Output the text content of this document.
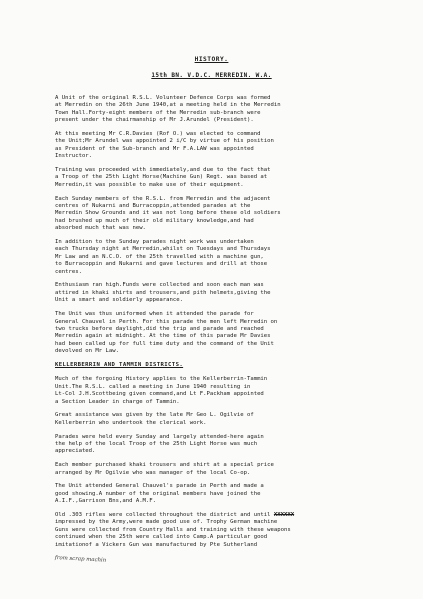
HISTORY.
15th BN. V.D.C. MERREDIN. W.A.

A Unit of the original R.S.L. Volunteer Defence Corps was formed
at Merredin on the 26th June 1940,at a meeting held in the Merredin
Town Hall.Forty-eight members of the Merredin sub-branch were
present under the chairmanship of Mr J.Arundel (President).

At this meeting Mr C.R.Davies (Rof O.) was elected to command
the Unit;Mr Arundel was appointed 2 i/C by virtue of his position
as President of the Sub-branch and Mr F.A.LAW was appointed
Instructor.

Training was proceeded with immediately,and due to the fact that
a Troop of the 25th Light Horse(Machine Gun) Regt. was based at
Merredin,it was possible to make use of their equipment.

Each Sunday members of the R.S.L. from Merredin and the adjacent
centres of Nukarni and Burracoppin,attended parades at the
Merredin Show Grounds and it was not long before these old soldiers
had brushed up much of their old military knowledge,and had
absorbed much that was new.

In addition to the Sunday parades night work was undertaken
each Thursday night at Merredin,whilst on Tuesdays and Thursdays
Mr Law and an N.C.O. of the 25th travelled with a machine gun,
to Burracoppin and Nukarni and gave lectures and drill at those
centres.

Enthusiasm ran high.Funds were collected and soon each man was
attired in khaki shirts and trousers,and pith helmets,giving the
Unit a smart and soldierly appearance.

The Unit was thus uniformed when it attended the parade for
General Chauvel in Perth. For this parade the men left Merredin on
two trucks before daylight,did the trip and parade and reached
Merredin again at midnight. At the time of this parade Mr Davies
had been called up for full time duty and the command of the Unit
devolved on Mr Law.

KELLERBERRIN AND TAMMIN DISTRICTS.

Much of the forgoing History applies to the Kellerberrin-Tammin
Unit.The R.S.L. called a meeting in June 1940 resulting in
Lt-Col J.H.Scottbeing given command,and Lt F.Packham appointed
a Section Leader in charge of Tammin.

Great assistance was given by the late Mr Geo L. Ogilvie of
Kellerberrin who undertook the clerical work.

Parades were held every Sunday and largely attended-here again
the help of the local Troop of the 25th Light Horse was much
appreciated.

Each member purchased khaki trousers and shirt at a special price
arranged by Mr Ogilvie who was manager of the local Co-op.

The Unit attended General Chauvel's parade in Perth and made a
good showing.A number of the original members have joined the
A.I.F.,Garrison Bns,and A.M.F.

Old .303 rifles were collected throughout the district and until XXXXXX
impressed by the Army,were made good use of. Trophy German machine
Guns were collected from Country Halls and training with these weapons
continued when the 25th were called into Camp.A particular good
imitationof a Vickers Gun was manufactured by Pte Sutherland

from scrap machin
